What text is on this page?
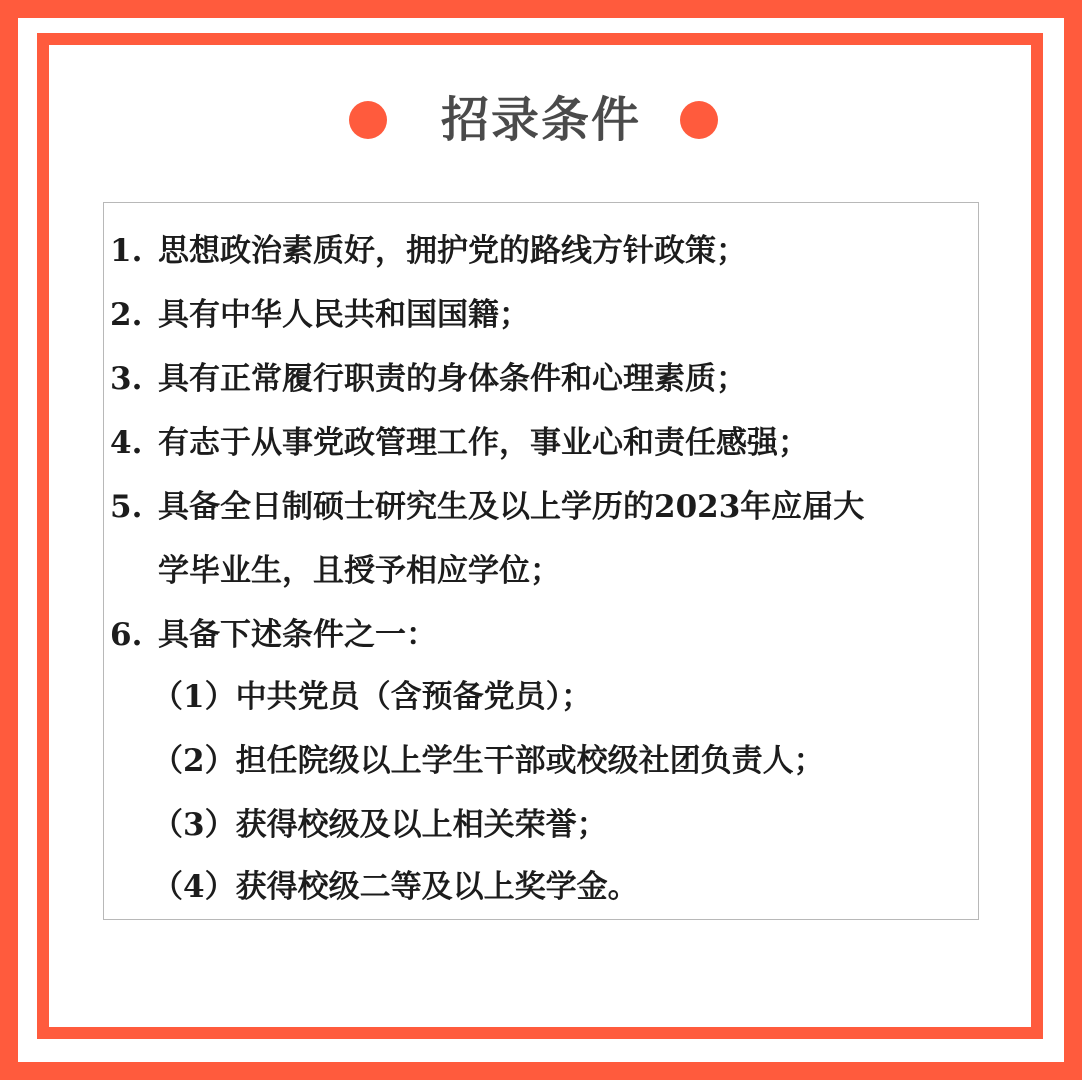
招录条件
1. 思想政治素质好，拥护党的路线方针政策；
2. 具有中华人民共和国国籍；
3. 具有正常履行职责的身体条件和心理素质；
4. 有志于从事党政管理工作，事业心和责任感强；
5. 具备全日制硕士研究生及以上学历的2023年应届大
学毕业生，且授予相应学位；
6. 具备下述条件之一：
（1）中共党员（含预备党员）；
（2）担任院级以上学生干部或校级社团负责人；
（3）获得校级及以上相关荣誉；
（4）获得校级二等及以上奖学金。
